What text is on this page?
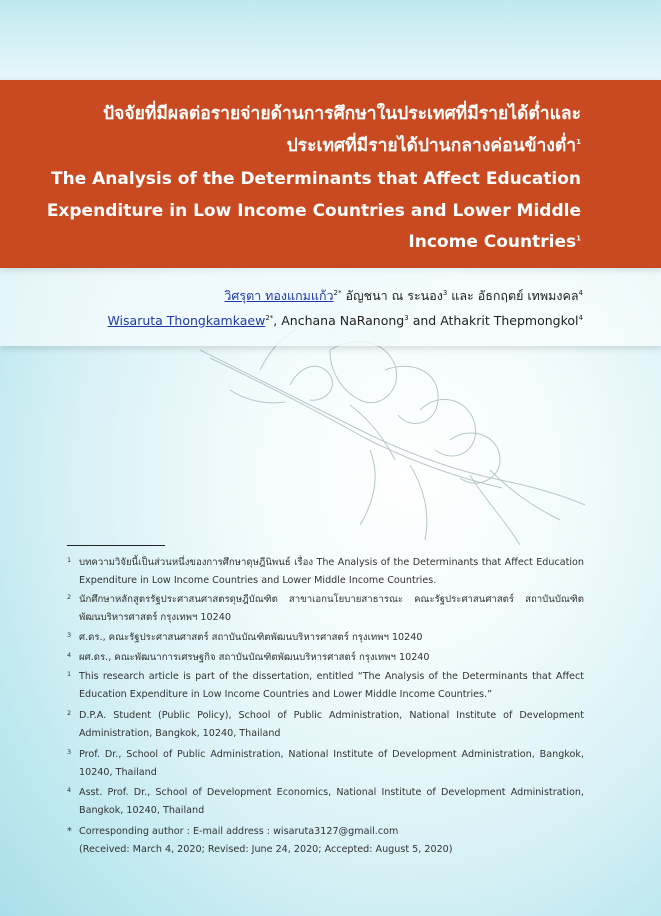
ปัจจัยที่มีผลต่อรายจ่ายด้านการศึกษาในประเทศที่มีรายได้ต่ำและ
ประเทศที่มีรายได้ปานกลางค่อนข้างต่ำ$^1$
The Analysis of the Determinants that Affect Education
Expenditure in Low Income Countries and Lower Middle
Income Countries$^1$
วิศรุตา ทองแกมแก้ว$^{2*}$ อัญชนา ณ ระนอง$^3$ และ อัธกฤตย์ เทพมงคล$^4$
Wisaruta Thongkamkaew$^{2*}$, Anchana NaRanong$^3$ and Athakrit Thepmongkol$^4$
1 บทความวิจัยนี้เป็นส่วนหนึ่งของการศึกษาดุษฎีนิพนธ์ เรื่อง The Analysis of the Determinants that Affect Education Expenditure in Low Income Countries and Lower Middle Income Countries.
2 นักศึกษาหลักสูตรรัฐประศาสนศาสตรดุษฎีบัณฑิต สาขาเอกนโยบายสาธารณะ คณะรัฐประศาสนศาสตร์ สถาบันบัณฑิตพัฒนบริหารศาสตร์ กรุงเทพฯ 10240
3 ศ.ดร., คณะรัฐประศาสนศาสตร์ สถาบันบัณฑิตพัฒนบริหารศาสตร์ กรุงเทพฯ 10240
4 ผศ.ดร., คณะพัฒนาการเศรษฐกิจ สถาบันบัณฑิตพัฒนบริหารศาสตร์ กรุงเทพฯ 10240
1 This research article is part of the dissertation, entitled “The Analysis of the Determinants that Affect Education Expenditure in Low Income Countries and Lower Middle Income Countries.”
2 D.P.A. Student (Public Policy), School of Public Administration, National Institute of Development Administration, Bangkok, 10240, Thailand
3 Prof. Dr., School of Public Administration, National Institute of Development Administration, Bangkok, 10240, Thailand
4 Asst. Prof. Dr., School of Development Economics, National Institute of Development Administration, Bangkok, 10240, Thailand
* Corresponding author : E-mail address : wisaruta3127@gmail.com
(Received: March 4, 2020; Revised: June 24, 2020; Accepted: August 5, 2020)
